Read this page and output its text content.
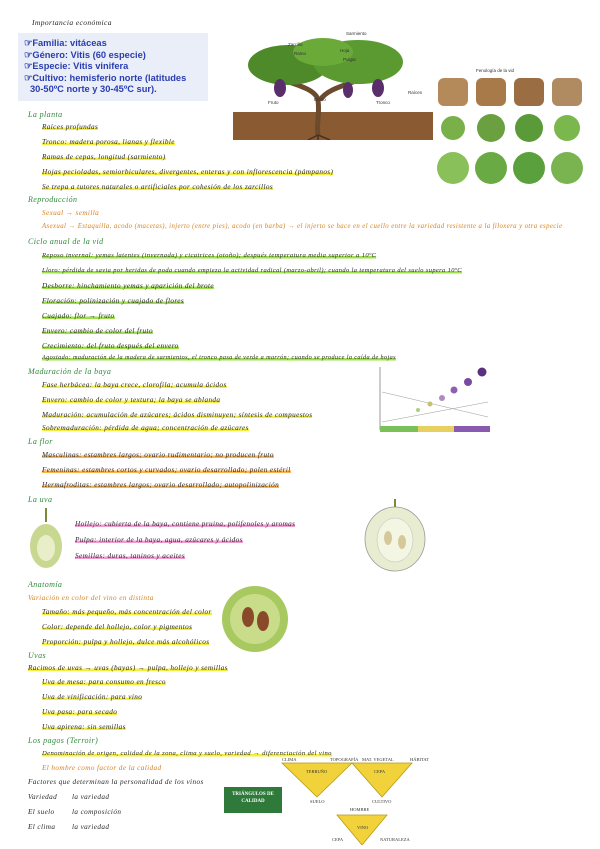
Importancia económica
☞Familia: vitáceas
☞Género: Vitis (60 especie)
☞Especie: Vitis vinifera
☞Cultivo: hemisferio norte (latitudes
30-50ºC norte y 30-45ºC sur).
Sarmiento
Zarcillo
Hoja
Ramo
Pulgar
Fruto
Brazo
Tronco
Raíces
Fenología de la vid
La planta
Raíces profundas
Tronco: madera porosa, lianas y flexible
Ramas de cepas, longitud (sarmiento)
Hojas pecioladas, semiorbiculares, divergentes, enteras y con inflorescencia (pámpanos)
Se trepa a tutores naturales o artificiales por cohesión de los zarcillos
Reproducción
Sexual → semilla
Asexual → Estaquilla, acodo (macetas), injerto (entre pies), acodo (en barba) → el injerto se hace en el cuello entre la variedad resistente a la filoxera y otra especie
Ciclo anual de la vid
Reposo invernal: yemas latentes (invernada) y cicatrices (otoño); después temperatura media superior a 10ºC
Lloro: pérdida de savia por heridas de poda cuando empieza la actividad radical (marzo-abril); cuando la temperatura del suelo supera 10ºC
Desborre: hinchamiento yemas y aparición del brote
Floración: polinización y cuajado de flores
Cuajado: flor → fruto
Envero: cambio de color del fruto
Crecimiento: del fruto después del envero
Agostado: maduración de la madera de sarmientos, el tronco pasa de verde a marrón; cuando se produce la caída de hojas
Maduración de la baya
Fase herbácea: la baya crece, clorofila; acumula ácidos
Envero: cambio de color y textura; la baya se ablanda
Maduración: acumulación de azúcares; ácidos disminuyen; síntesis de compuestos
Sobremaduración: pérdida de agua; concentración de azúcares
La flor
Masculinas: estambres largos; ovario rudimentario; no producen fruto
Femeninas: estambres cortos y curvados; ovario desarrollado; polen estéril
Hermafroditas: estambres largos; ovario desarrollado; autopolinización
La uva
Hollejo: cubierta de la baya, contiene pruina, polifenoles y aromas
Pulpa: interior de la baya, agua, azúcares y ácidos
Semillas: duras, taninos y aceites
Anatomía
Variación en color del vino en distinta
Tamaño: más pequeño, más concentración del color
Color: depende del hollejo, color y pigmentos
Proporción: pulpa y hollejo, dulce más alcohólicos
Uvas
Racimos de uvas → uvas (bayas) → pulpa, hollejo y semillas
Uva de mesa: para consumo en fresco
Uva de vinificación: para vino
Uva pasa: para secado
Uva apirena: sin semillas
Los pagos (Terroir)
Denominación de origen, calidad de la zona, clima y suelo, variedad → diferenciación del vino
El hombre como factor de la calidad
Factores que determinan la personalidad de los vinos
Variedad la variedad
El suelo la composición
El clima la variedad
TRIÁNGULOS DE CALIDAD
CLIMA	TOPOGRAFÍA MAT. VEGETAL	HÁBITAT
TERRUÑO	CEPA
SUELO	CULTIVO
HOMBRE
VINO
NATURALEZA
CEPA
